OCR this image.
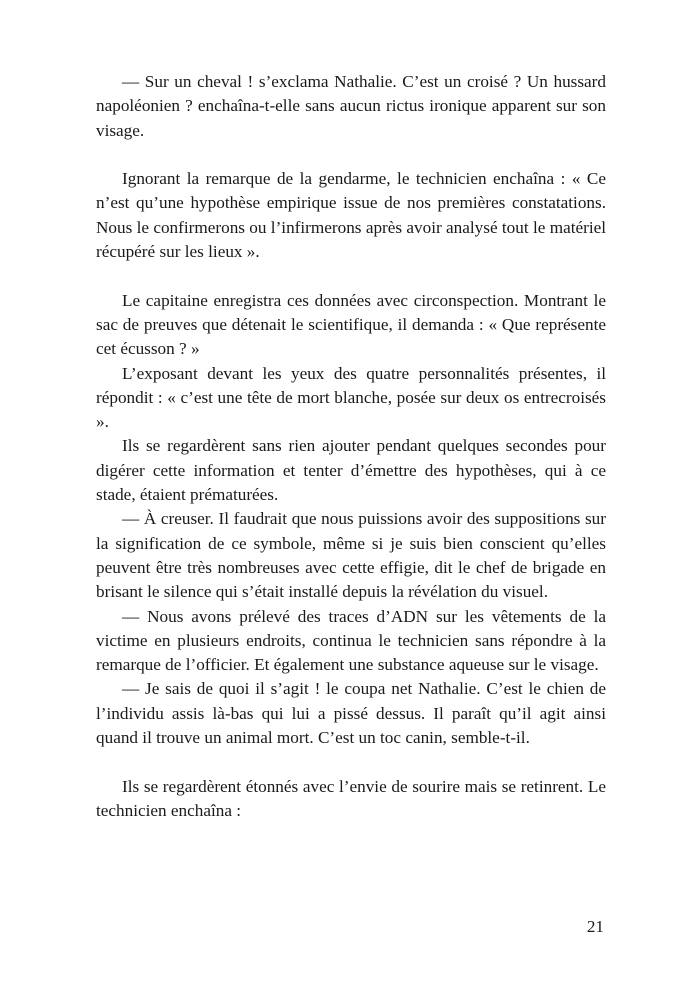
— Sur un cheval ! s’exclama Nathalie. C’est un croisé ? Un hussard napoléonien ? enchaîna-t-elle sans aucun rictus ironique apparent sur son visage.

Ignorant la remarque de la gendarme, le technicien enchaîna : « Ce n’est qu’une hypothèse empirique issue de nos premières constatations. Nous le confirmerons ou l’infirmerons après avoir analysé tout le matériel récupéré sur les lieux ».

Le capitaine enregistra ces données avec circonspection. Montrant le sac de preuves que détenait le scientifique, il demanda : « Que représente cet écusson ? »

L’exposant devant les yeux des quatre personnalités présentes, il répondit : « c’est une tête de mort blanche, posée sur deux os entrecroisés ».

Ils se regardèrent sans rien ajouter pendant quelques secondes pour digérer cette information et tenter d’émettre des hypothèses, qui à ce stade, étaient prématurées.

— À creuser. Il faudrait que nous puissions avoir des suppositions sur la signification de ce symbole, même si je suis bien conscient qu’elles peuvent être très nombreuses avec cette effigie, dit le chef de brigade en brisant le silence qui s’était installé depuis la révélation du visuel.

— Nous avons prélevé des traces d’ADN sur les vêtements de la victime en plusieurs endroits, continua le technicien sans répondre à la remarque de l’officier. Et également une substance aqueuse sur le visage.

— Je sais de quoi il s’agit ! le coupa net Nathalie. C’est le chien de l’individu assis là-bas qui lui a pissé dessus. Il paraît qu’il agit ainsi quand il trouve un animal mort. C’est un toc canin, semble-t-il.

Ils se regardèrent étonnés avec l’envie de sourire mais se retinrent. Le technicien enchaîna :

21
